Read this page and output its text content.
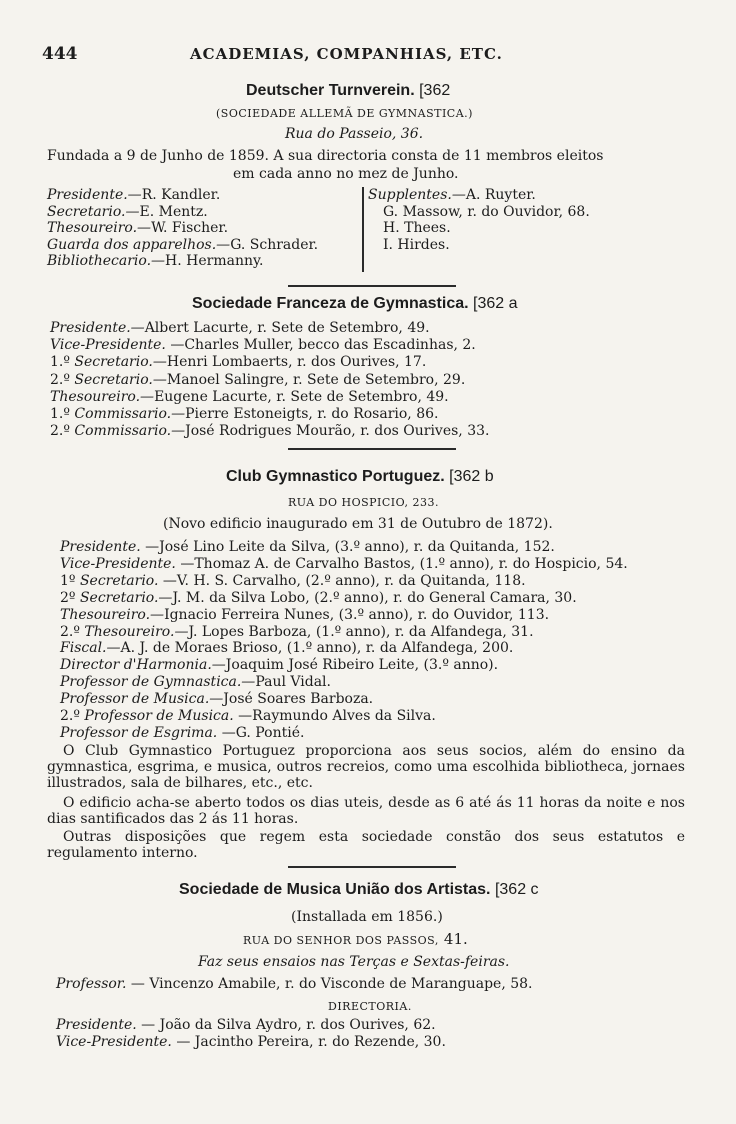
444	ACADEMIAS, COMPANHIAS, ETC.
Deutscher Turnverein. [362
(SOCIEDADE ALLEMÃ DE GYMNASTICA.)
Rua do Passeio, 36.
Fundada a 9 de Junho de 1859. A sua directoria consta de 11 membros eleitos
em cada anno no mez de Junho.
Presidente.—R. Kandler.
Secretario.—E. Mentz.
Thesoureiro.—W. Fischer.
Guarda dos apparelhos.—G. Schrader.
Bibliothecario.—H. Hermanny.
Supplentes.—A. Ruyter.
G. Massow, r. do Ouvidor, 68.
H. Thees.
I. Hirdes.
Sociedade Franceza de Gymnastica. [362 a
Presidente.—Albert Lacurte, r. Sete de Setembro, 49.
Vice-Presidente. —Charles Muller, becco das Escadinhas, 2.
1.º Secretario.—Henri Lombaerts, r. dos Ourives, 17.
2.º Secretario.—Manoel Salingre, r. Sete de Setembro, 29.
Thesoureiro.—Eugene Lacurte, r. Sete de Setembro, 49.
1.º Commissario.—Pierre Estoneigts, r. do Rosario, 86.
2.º Commissario.—José Rodrigues Mourão, r. dos Ourives, 33.
Club Gymnastico Portuguez. [362 b
RUA DO HOSPICIO, 233.
(Novo edificio inaugurado em 31 de Outubro de 1872).
Presidente. —José Lino Leite da Silva, (3.º anno), r. da Quitanda, 152.
Vice-Presidente. —Thomaz A. de Carvalho Bastos, (1.º anno), r. do Hospicio, 54.
1º Secretario. —V. H. S. Carvalho, (2.º anno), r. da Quitanda, 118.
2º Secretario.—J. M. da Silva Lobo, (2.º anno), r. do General Camara, 30.
Thesoureiro.—Ignacio Ferreira Nunes, (3.º anno), r. do Ouvidor, 113.
2.º Thesoureiro.—J. Lopes Barboza, (1.º anno), r. da Alfandega, 31.
Fiscal.—A. J. de Moraes Brioso, (1.º anno), r. da Alfandega, 200.
Director d'Harmonia.—Joaquim José Ribeiro Leite, (3.º anno).
Professor de Gymnastica.—Paul Vidal.
Professor de Musica.—José Soares Barboza.
2.º Professor de Musica. —Raymundo Alves da Silva.
Professor de Esgrima. —G. Pontié.
O Club Gymnastico Portuguez proporciona aos seus socios, além do ensino da gymnastica, esgrima, e musica, outros recreios, como uma escolhida bibliotheca, jornaes illustrados, sala de bilhares, etc., etc.
O edificio acha-se aberto todos os dias uteis, desde as 6 até ás 11 horas da noite e nos dias santificados das 2 ás 11 horas.
Outras disposições que regem esta sociedade constão dos seus estatutos e regulamento interno.
Sociedade de Musica União dos Artistas. [362 c
(Installada em 1856.)
RUA DO SENHOR DOS PASSOS, 41.
Faz seus ensaios nas Terças e Sextas-feiras.
Professor. — Vincenzo Amabile, r. do Visconde de Maranguape, 58.
DIRECTORIA.
Presidente. — João da Silva Aydro, r. dos Ourives, 62.
Vice-Presidente. — Jacintho Pereira, r. do Rezende, 30.
